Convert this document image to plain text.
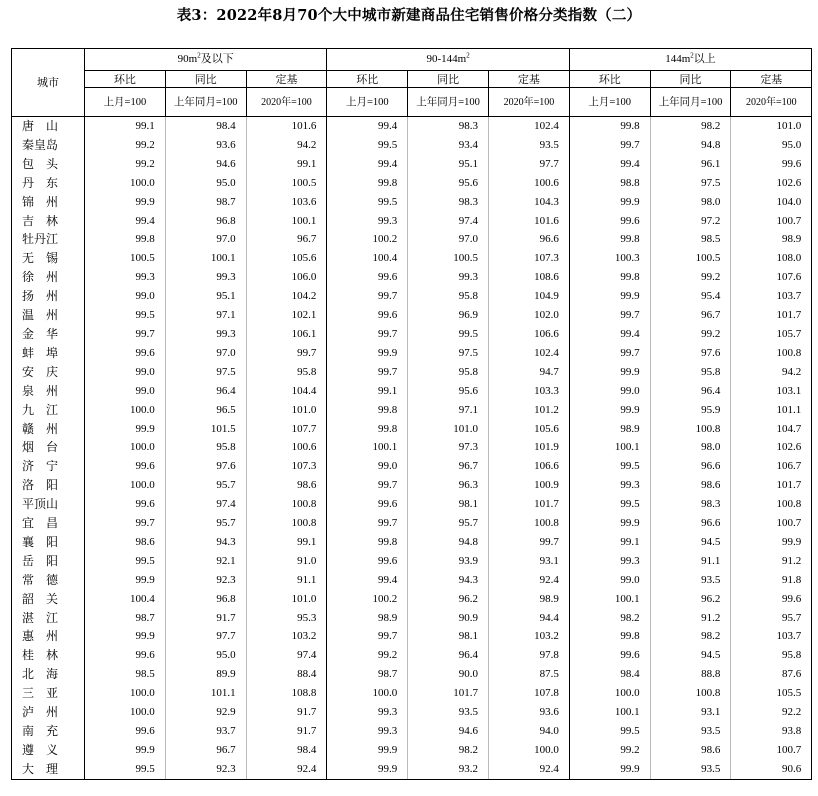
表3：2022年8月70个大中城市新建商品住宅销售价格分类指数（二）
城市	$90m^2$及以下			$90-144m^2$			$144m^2$以上		
	环比	同比	定基	环比	同比	定基	环比	同比	定基
	上月=100	上年同月=100	2020年=100	上月=100	上年同月=100	2020年=100	上月=100	上年同月=100	2020年=100
唐　山	99.1	98.4	101.6	99.4	98.3	102.4	99.8	98.2	101.0
秦皇岛	99.2	93.6	94.2	99.5	93.4	93.5	99.7	94.8	95.0
包　头	99.2	94.6	99.1	99.4	95.1	97.7	99.4	96.1	99.6
丹　东	100.0	95.0	100.5	99.8	95.6	100.6	98.8	97.5	102.6
锦　州	99.9	98.7	103.6	99.5	98.3	104.3	99.9	98.0	104.0
吉　林	99.4	96.8	100.1	99.3	97.4	101.6	99.6	97.2	100.7
牡丹江	99.8	97.0	96.7	100.2	97.0	96.6	99.8	98.5	98.9
无　锡	100.5	100.1	105.6	100.4	100.5	107.3	100.3	100.5	108.0
徐　州	99.3	99.3	106.0	99.6	99.3	108.6	99.8	99.2	107.6
扬　州	99.0	95.1	104.2	99.7	95.8	104.9	99.9	95.4	103.7
温　州	99.5	97.1	102.1	99.6	96.9	102.0	99.7	96.7	101.7
金　华	99.7	99.3	106.1	99.7	99.5	106.6	99.4	99.2	105.7
蚌　埠	99.6	97.0	99.7	99.9	97.5	102.4	99.7	97.6	100.8
安　庆	99.0	97.5	95.8	99.7	95.8	94.7	99.9	95.8	94.2
泉　州	99.0	96.4	104.4	99.1	95.6	103.3	99.0	96.4	103.1
九　江	100.0	96.5	101.0	99.8	97.1	101.2	99.9	95.9	101.1
赣　州	99.9	101.5	107.7	99.8	101.0	105.6	98.9	100.8	104.7
烟　台	100.0	95.8	100.6	100.1	97.3	101.9	100.1	98.0	102.6
济　宁	99.6	97.6	107.3	99.0	96.7	106.6	99.5	96.6	106.7
洛　阳	100.0	95.7	98.6	99.7	96.3	100.9	99.3	98.6	101.7
平顶山	99.6	97.4	100.8	99.6	98.1	101.7	99.5	98.3	100.8
宜　昌	99.7	95.7	100.8	99.7	95.7	100.8	99.9	96.6	100.7
襄　阳	98.6	94.3	99.1	99.8	94.8	99.7	99.1	94.5	99.9
岳　阳	99.5	92.1	91.0	99.6	93.9	93.1	99.3	91.1	91.2
常　德	99.9	92.3	91.1	99.4	94.3	92.4	99.0	93.5	91.8
韶　关	100.4	96.8	101.0	100.2	96.2	98.9	100.1	96.2	99.6
湛　江	98.7	91.7	95.3	98.9	90.9	94.4	98.2	91.2	95.7
惠　州	99.9	97.7	103.2	99.7	98.1	103.2	99.8	98.2	103.7
桂　林	99.6	95.0	97.4	99.2	96.4	97.8	99.6	94.5	95.8
北　海	98.5	89.9	88.4	98.7	90.0	87.5	98.4	88.8	87.6
三　亚	100.0	101.1	108.8	100.0	101.7	107.8	100.0	100.8	105.5
泸　州	100.0	92.9	91.7	99.3	93.5	93.6	100.1	93.1	92.2
南　充	99.6	93.7	91.7	99.3	94.6	94.0	99.5	93.5	93.8
遵　义	99.9	96.7	98.4	99.9	98.2	100.0	99.2	98.6	100.7
大　理	99.5	92.3	92.4	99.9	93.2	92.4	99.9	93.5	90.6
